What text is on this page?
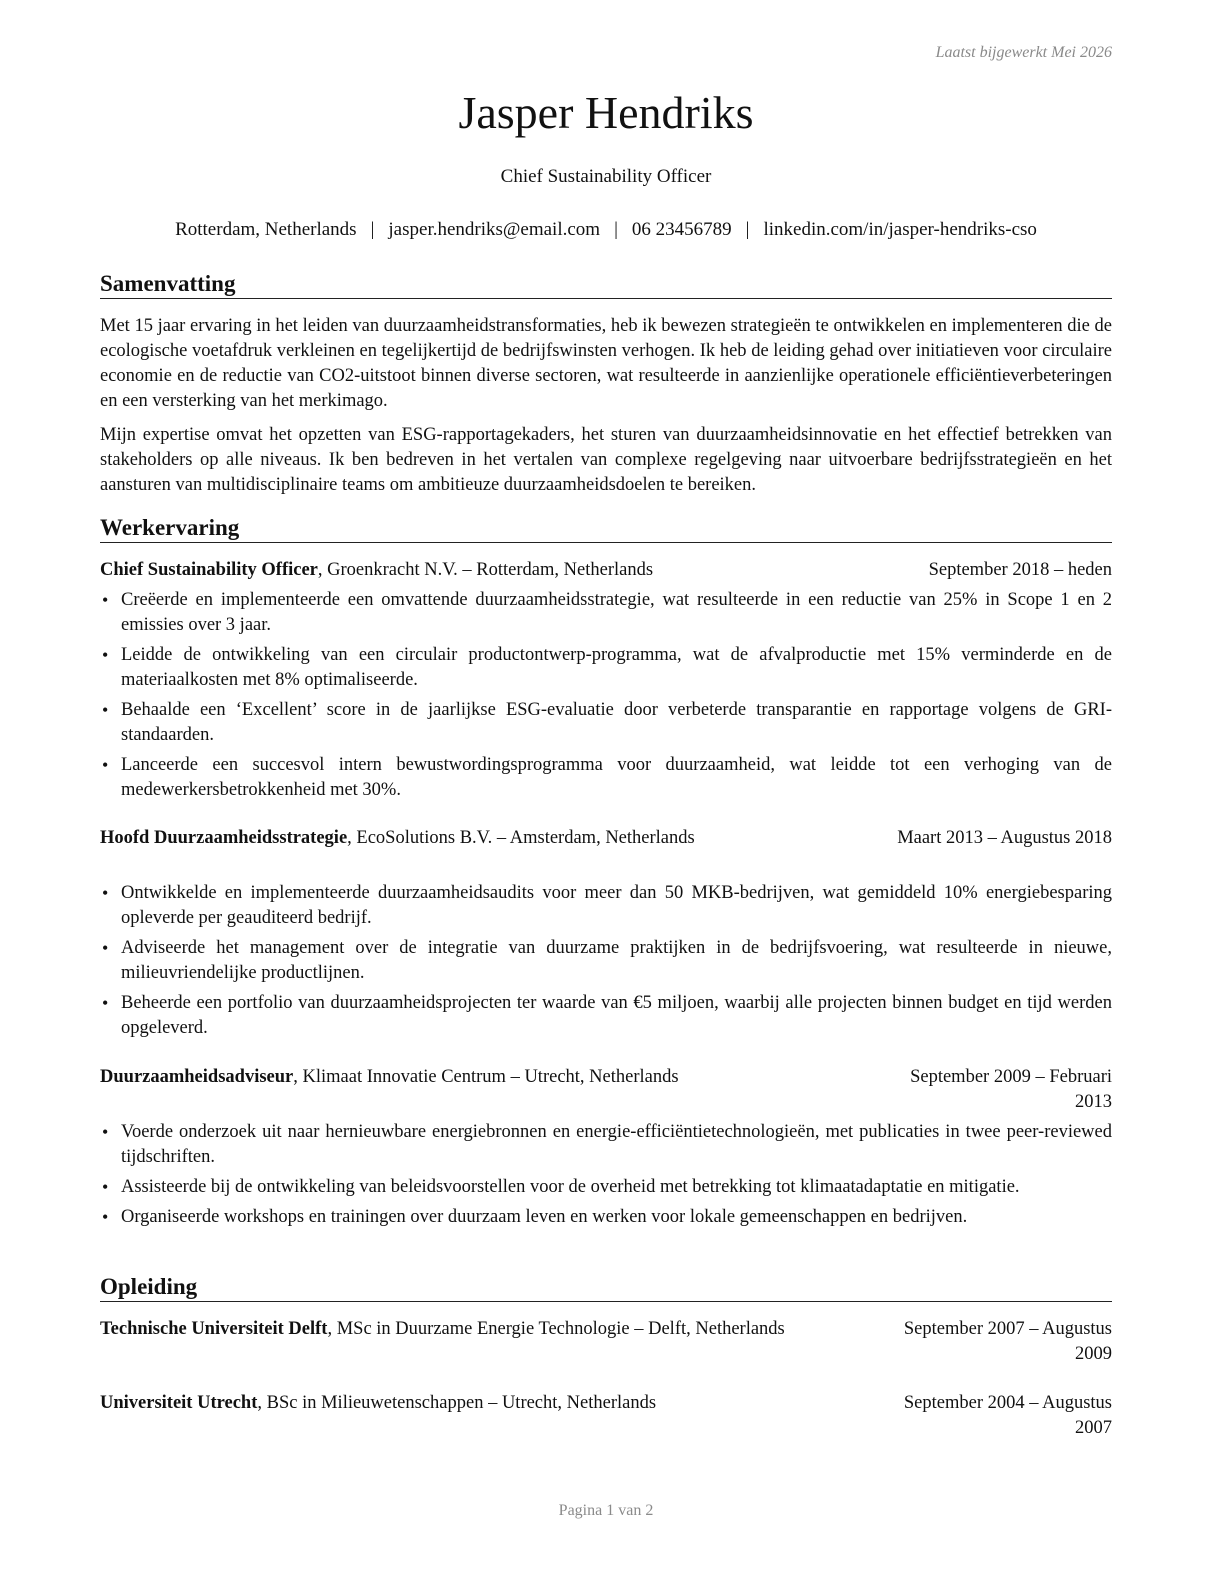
Laatst bijgewerkt Mei 2026
Jasper Hendriks
Chief Sustainability Officer
Rotterdam, Netherlands | jasper.hendriks@email.com | 06 23456789 | linkedin.com/in/jasper-hendriks-cso
Samenvatting
Met 15 jaar ervaring in het leiden van duurzaamheidstransformaties, heb ik bewezen strategieën te ontwikkelen en implementeren die de ecologische voetafdruk verkleinen en tegelijkertijd de bedrijfswinsten verhogen. Ik heb de leiding gehad over initiatieven voor circulaire economie en de reductie van CO2-uitstoot binnen diverse sectoren, wat resulteerde in aanzienlijke operationele efficiëntieverbeteringen en een versterking van het merkimago.
Mijn expertise omvat het opzetten van ESG-rapportagekaders, het sturen van duurzaamheidsinnovatie en het effectief betrekken van stakeholders op alle niveaus. Ik ben bedreven in het vertalen van complexe regelgeving naar uitvoerbare bedrijfsstrategieën en het aansturen van multidisciplinaire teams om ambitieuze duurzaamheidsdoelen te bereiken.
Werkervaring
Chief Sustainability Officer, Groenkracht N.V. – Rotterdam, Netherlands	September 2018 – heden
• Creëerde en implementeerde een omvattende duurzaamheidsstrategie, wat resulteerde in een reductie van 25% in Scope 1 en 2 emissies over 3 jaar.
• Leidde de ontwikkeling van een circulair productontwerp-programma, wat de afvalproductie met 15% verminderde en de materiaalkosten met 8% optimaliseerde.
• Behaalde een ‘Excellent’ score in de jaarlijkse ESG-evaluatie door verbeterde transparantie en rapportage volgens de GRI-standaarden.
• Lanceerde een succesvol intern bewustwordingsprogramma voor duurzaamheid, wat leidde tot een verhoging van de medewerkersbetrokkenheid met 30%.
Hoofd Duurzaamheidsstrategie, EcoSolutions B.V. – Amsterdam, Netherlands	Maart 2013 – Augustus 2018
• Ontwikkelde en implementeerde duurzaamheidsaudits voor meer dan 50 MKB-bedrijven, wat gemiddeld 10% energiebesparing opleverde per geauditeerd bedrijf.
• Adviseerde het management over de integratie van duurzame praktijken in de bedrijfsvoering, wat resulteerde in nieuwe, milieuvriendelijke productlijnen.
• Beheerde een portfolio van duurzaamheidsprojecten ter waarde van €5 miljoen, waarbij alle projecten binnen budget en tijd werden opgeleverd.
Duurzaamheidsadviseur, Klimaat Innovatie Centrum – Utrecht, Netherlands	September 2009 – Februari 2013
• Voerde onderzoek uit naar hernieuwbare energiebronnen en energie-efficiëntietechnologieën, met publicaties in twee peer-reviewed tijdschriften.
• Assisteerde bij de ontwikkeling van beleidsvoorstellen voor de overheid met betrekking tot klimaatadaptatie en mitigatie.
• Organiseerde workshops en trainingen over duurzaam leven en werken voor lokale gemeenschappen en bedrijven.
Opleiding
Technische Universiteit Delft, MSc in Duurzame Energie Technologie – Delft, Netherlands	September 2007 – Augustus 2009
Universiteit Utrecht, BSc in Milieuwetenschappen – Utrecht, Netherlands	September 2004 – Augustus 2007
Pagina 1 van 2
